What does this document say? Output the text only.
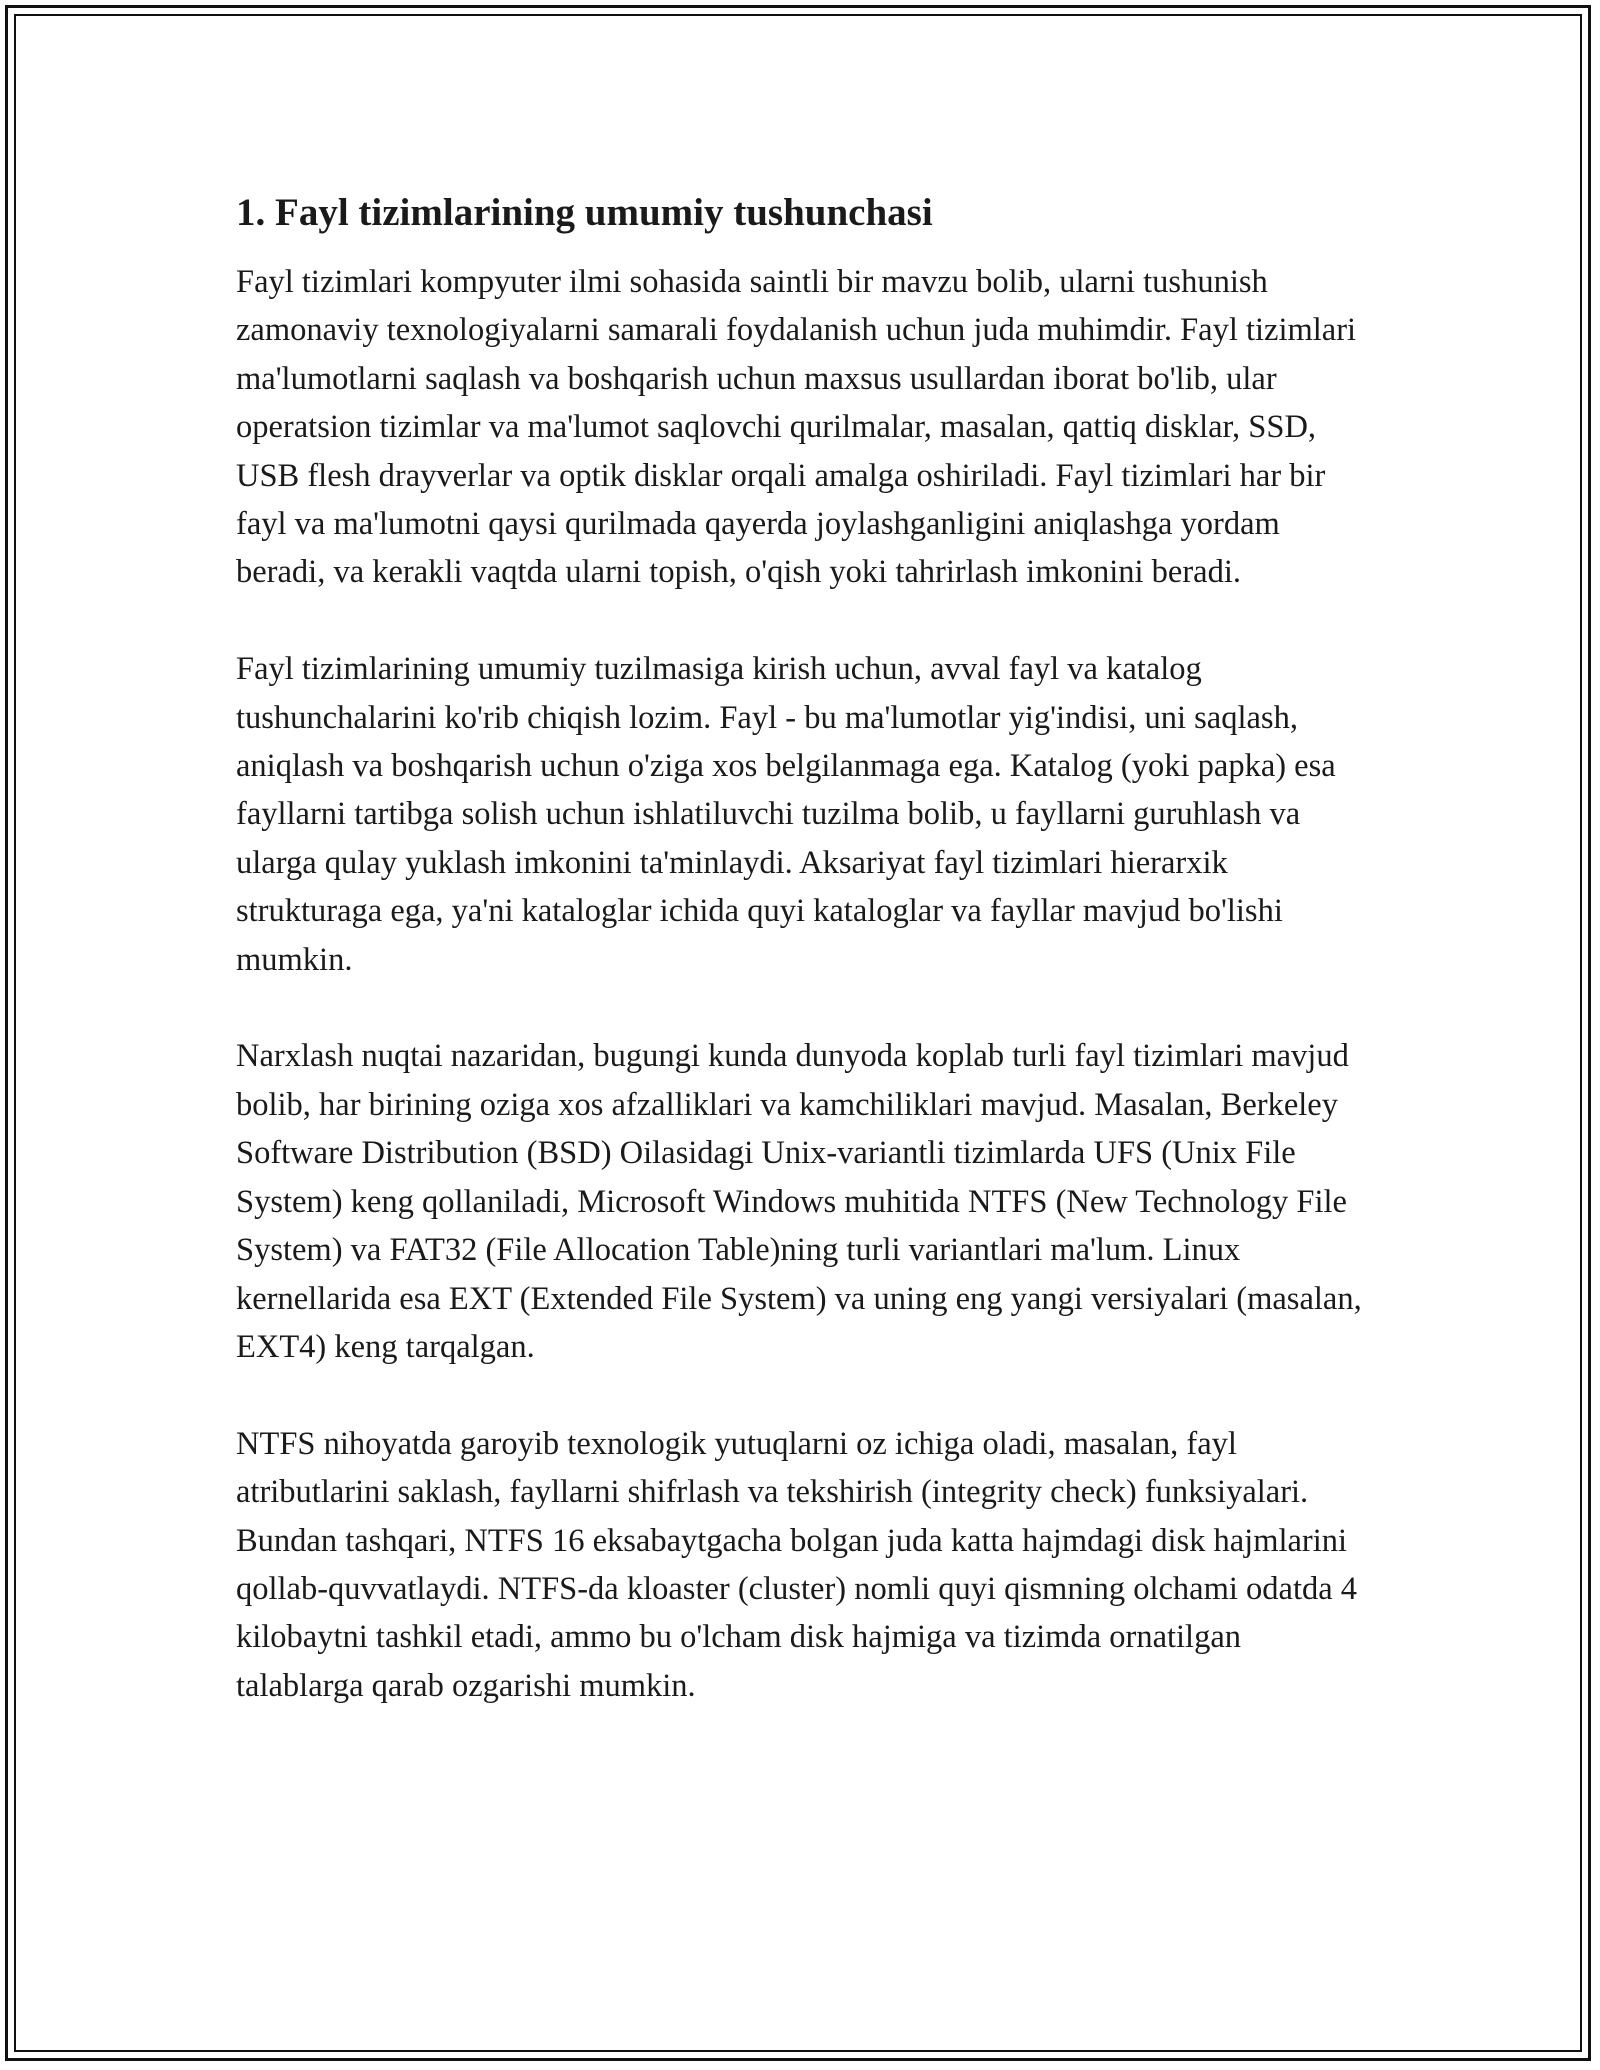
1. Fayl tizimlarining umumiy tushunchasi

Fayl tizimlari kompyuter ilmi sohasida saintli bir mavzu bolib, ularni tushunish zamonaviy texnologiyalarni samarali foydalanish uchun juda muhimdir. Fayl tizimlari ma'lumotlarni saqlash va boshqarish uchun maxsus usullardan iborat bo'lib, ular operatsion tizimlar va ma'lumot saqlovchi qurilmalar, masalan, qattiq disklar, SSD, USB flesh drayverlar va optik disklar orqali amalga oshiriladi. Fayl tizimlari har bir fayl va ma'lumotni qaysi qurilmada qayerda joylashganligini aniqlashga yordam beradi, va kerakli vaqtda ularni topish, o'qish yoki tahrirlash imkonini beradi.

Fayl tizimlarining umumiy tuzilmasiga kirish uchun, avval fayl va katalog tushunchalarini ko'rib chiqish lozim. Fayl - bu ma'lumotlar yig'indisi, uni saqlash, aniqlash va boshqarish uchun o'ziga xos belgilanmaga ega. Katalog (yoki papka) esa fayllarni tartibga solish uchun ishlatiluvchi tuzilma bolib, u fayllarni guruhlash va ularga qulay yuklash imkonini ta'minlaydi. Aksariyat fayl tizimlari hierarxik strukturaga ega, ya'ni kataloglar ichida quyi kataloglar va fayllar mavjud bo'lishi mumkin.

Narxlash nuqtai nazaridan, bugungi kunda dunyoda koplab turli fayl tizimlari mavjud bolib, har birining oziga xos afzalliklari va kamchiliklari mavjud. Masalan, Berkeley Software Distribution (BSD) Oilasidagi Unix-variantli tizimlarda UFS (Unix File System) keng qollaniladi, Microsoft Windows muhitida NTFS (New Technology File System) va FAT32 (File Allocation Table)ning turli variantlari ma'lum. Linux kernellarida esa EXT (Extended File System) va uning eng yangi versiyalari (masalan, EXT4) keng tarqalgan.

NTFS nihoyatda garoyib texnologik yutuqlarni oz ichiga oladi, masalan, fayl atributlarini saklash, fayllarni shifrlash va tekshirish (integrity check) funksiyalari. Bundan tashqari, NTFS 16 eksabaytgacha bolgan juda katta hajmdagi disk hajmlarini qollab-quvvatlaydi. NTFS-da kloaster (cluster) nomli quyi qismning olchami odatda 4 kilobaytni tashkil etadi, ammo bu o'lcham disk hajmiga va tizimda ornatilgan talablarga qarab ozgarishi mumkin.
